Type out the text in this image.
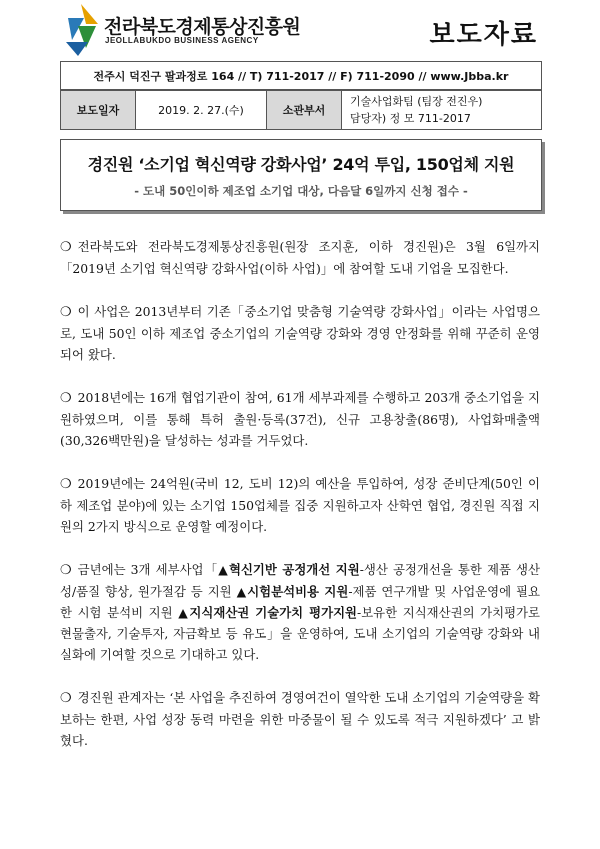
전라북도경제통상진흥원
JEOLLABUKDO BUSINESS AGENCY	보도자료
전주시 덕진구 팔과정로 164 // T) 711-2017 // F) 711-2090 // www.Jbba.kr
보도일자	2019. 2. 27.(수)	소관부서	
기술사업화팀 (팀장 전진우)
담당자) 정 모 711-2017
경진원 ‘소기업 혁신역량 강화사업’ 24억 투입, 150업체 지원
- 도내 50인이하 제조업 소기업 대상, 다음달 6일까지 신청 접수 -

❍ 전라북도와 전라북도경제통상진흥원(원장 조지훈, 이하 경진원)은 3월 6일까지「2019년 소기업 혁신역량 강화사업(이하 사업)」에 참여할 도내 기업을 모집한다.

❍ 이 사업은 2013년부터 기존「중소기업 맞춤형 기술역량 강화사업」이라는 사업명으로, 도내 50인 이하 제조업 중소기업의 기술역량 강화와 경영 안정화를 위해 꾸준히 운영되어 왔다.

❍ 2018년에는 16개 협업기관이 참여, 61개 세부과제를 수행하고 203개 중소기업을 지원하였으며, 이를 통해 특허 출원·등록(37건), 신규 고용창출(86명), 사업화매출액(30,326백만원)을 달성하는 성과를 거두었다.

❍ 2019년에는 24억원(국비 12, 도비 12)의 예산을 투입하여, 성장 준비단계(50인 이하 제조업 분야)에 있는 소기업 150업체를 집중 지원하고자 산학연 협업, 경진원 직접 지원의 2가지 방식으로 운영할 예정이다.

❍ 금년에는 3개 세부사업「▲혁신기반 공정개선 지원-생산 공정개선을 통한 제품 생산성/품질 향상, 원가절감 등 지원 ▲시험분석비용 지원-제품 연구개발 및 사업운영에 필요한 시험 분석비 지원 ▲지식재산권 기술가치 평가지원-보유한 지식재산권의 가치평가로 현물출자, 기술투자, 자금확보 등 유도」을 운영하여, 도내 소기업의 기술역량 강화와 내실화에 기여할 것으로 기대하고 있다.

❍ 경진원 관계자는 ‘본 사업을 추진하여 경영여건이 열악한 도내 소기업의 기술역량을 확보하는 한편, 사업 성장 동력 마련을 위한 마중물이 될 수 있도록 적극 지원하겠다’ 고 밝혔다.
